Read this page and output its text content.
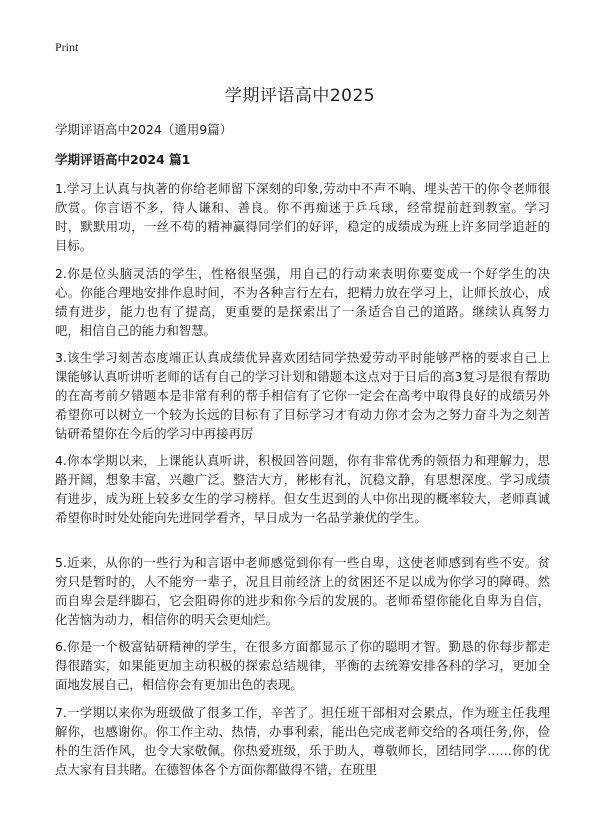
Print
学期评语高中2025
学期评语高中2024（通用9篇）
学期评语高中2024 篇1

1.学习上认真与执著的你给老师留下深刻的印象,劳动中不声不响、埋头苦干的你令老师很欣赏。你言语不多，待人谦和、善良。你不再痴迷于乒乓球，经常提前赶到教室。学习时，默默用功，一丝不苟的精神赢得同学们的好评，稳定的成绩成为班上许多同学追赶的目标。

2.你是位头脑灵活的学生，性格很坚强，用自己的行动来表明你要变成一个好学生的决心。你能合理地安排作息时间，不为各种言行左右，把精力放在学习上，让师长放心，成绩有进步，能力也有了提高，更重要的是探索出了一条适合自己的道路。继续认真努力吧，相信自己的能力和智慧。

3.该生学习刻苦态度端正认真成绩优异喜欢团结同学热爱劳动平时能够严格的要求自己上课能够认真听讲听老师的话有自己的学习计划和错题本这点对于日后的高3复习是很有帮助的在高考前夕错题本是非常有利的帮手相信有了它你一定会在高考中取得良好的成绩另外希望你可以树立一个较为长远的目标有了目标学习才有动力你才会为之努力奋斗为之刻苦钻研希望你在今后的学习中再接再厉

4.你本学期以来，上课能认真听讲，积极回答问题，你有非常优秀的领悟力和理解力，思路开阔，想象丰富，兴趣广泛。整洁大方，彬彬有礼，沉稳文静，有思想深度。学习成绩有进步，成为班上较多女生的学习榜样。但女生迟到的人中你出现的概率较大，老师真诚希望你时时处处能向先进同学看齐，早日成为一名品学兼优的学生。

5.近来，从你的一些行为和言语中老师感觉到你有一些自卑，这使老师感到有些不安。贫穷只是暂时的，人不能穷一辈子，况且目前经济上的贫困还不足以成为你学习的障碍。然而自卑会是绊脚石，它会阻碍你的进步和你今后的发展的。老师希望你能化自卑为自信，化苦恼为动力，相信你的明天会更灿烂。

6.你是一个极富钻研精神的学生，在很多方面都显示了你的聪明才智。勤恳的你每步都走得很踏实，如果能更加主动积极的探索总结规律，平衡的去统筹安排各科的学习，更加全面地发展自己，相信你会有更加出色的表现。

7.一学期以来你为班级做了很多工作，辛苦了。担任班干部相对会累点，作为班主任我理解你，也感谢你。你工作主动、热情，办事利索，能出色完成老师交给的各项任务,你，俭朴的生活作风，也令大家敬佩。你热爱班级，乐于助人，尊敬师长，团结同学……你的优点大家有目共睹。在德智体各个方面你都做得不错，在班里
